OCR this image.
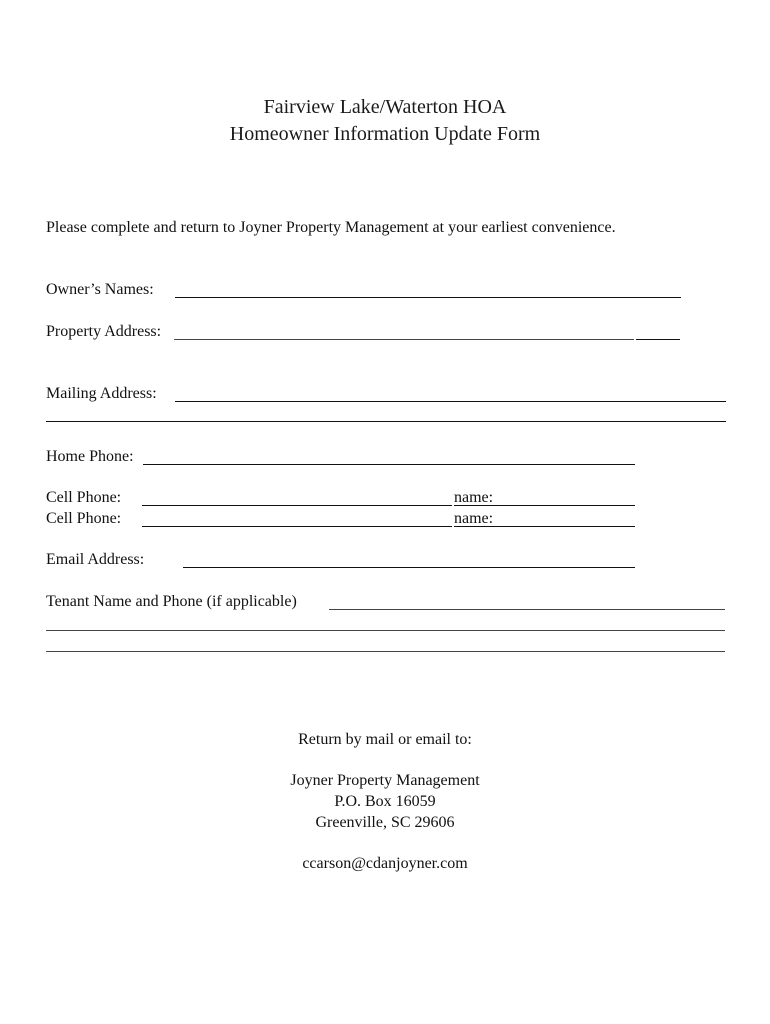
Fairview Lake/Waterton HOA
Homeowner Information Update Form
Please complete and return to Joyner Property Management at your earliest convenience.
Owner’s Names:
Property Address:
Mailing Address:
Home Phone:
Cell Phone:	name:
Cell Phone:	name:
Email Address:
Tenant Name and Phone (if applicable)
Return by mail or email to:
Joyner Property Management
P.O. Box 16059
Greenville, SC 29606
ccarson@cdanjoyner.com
